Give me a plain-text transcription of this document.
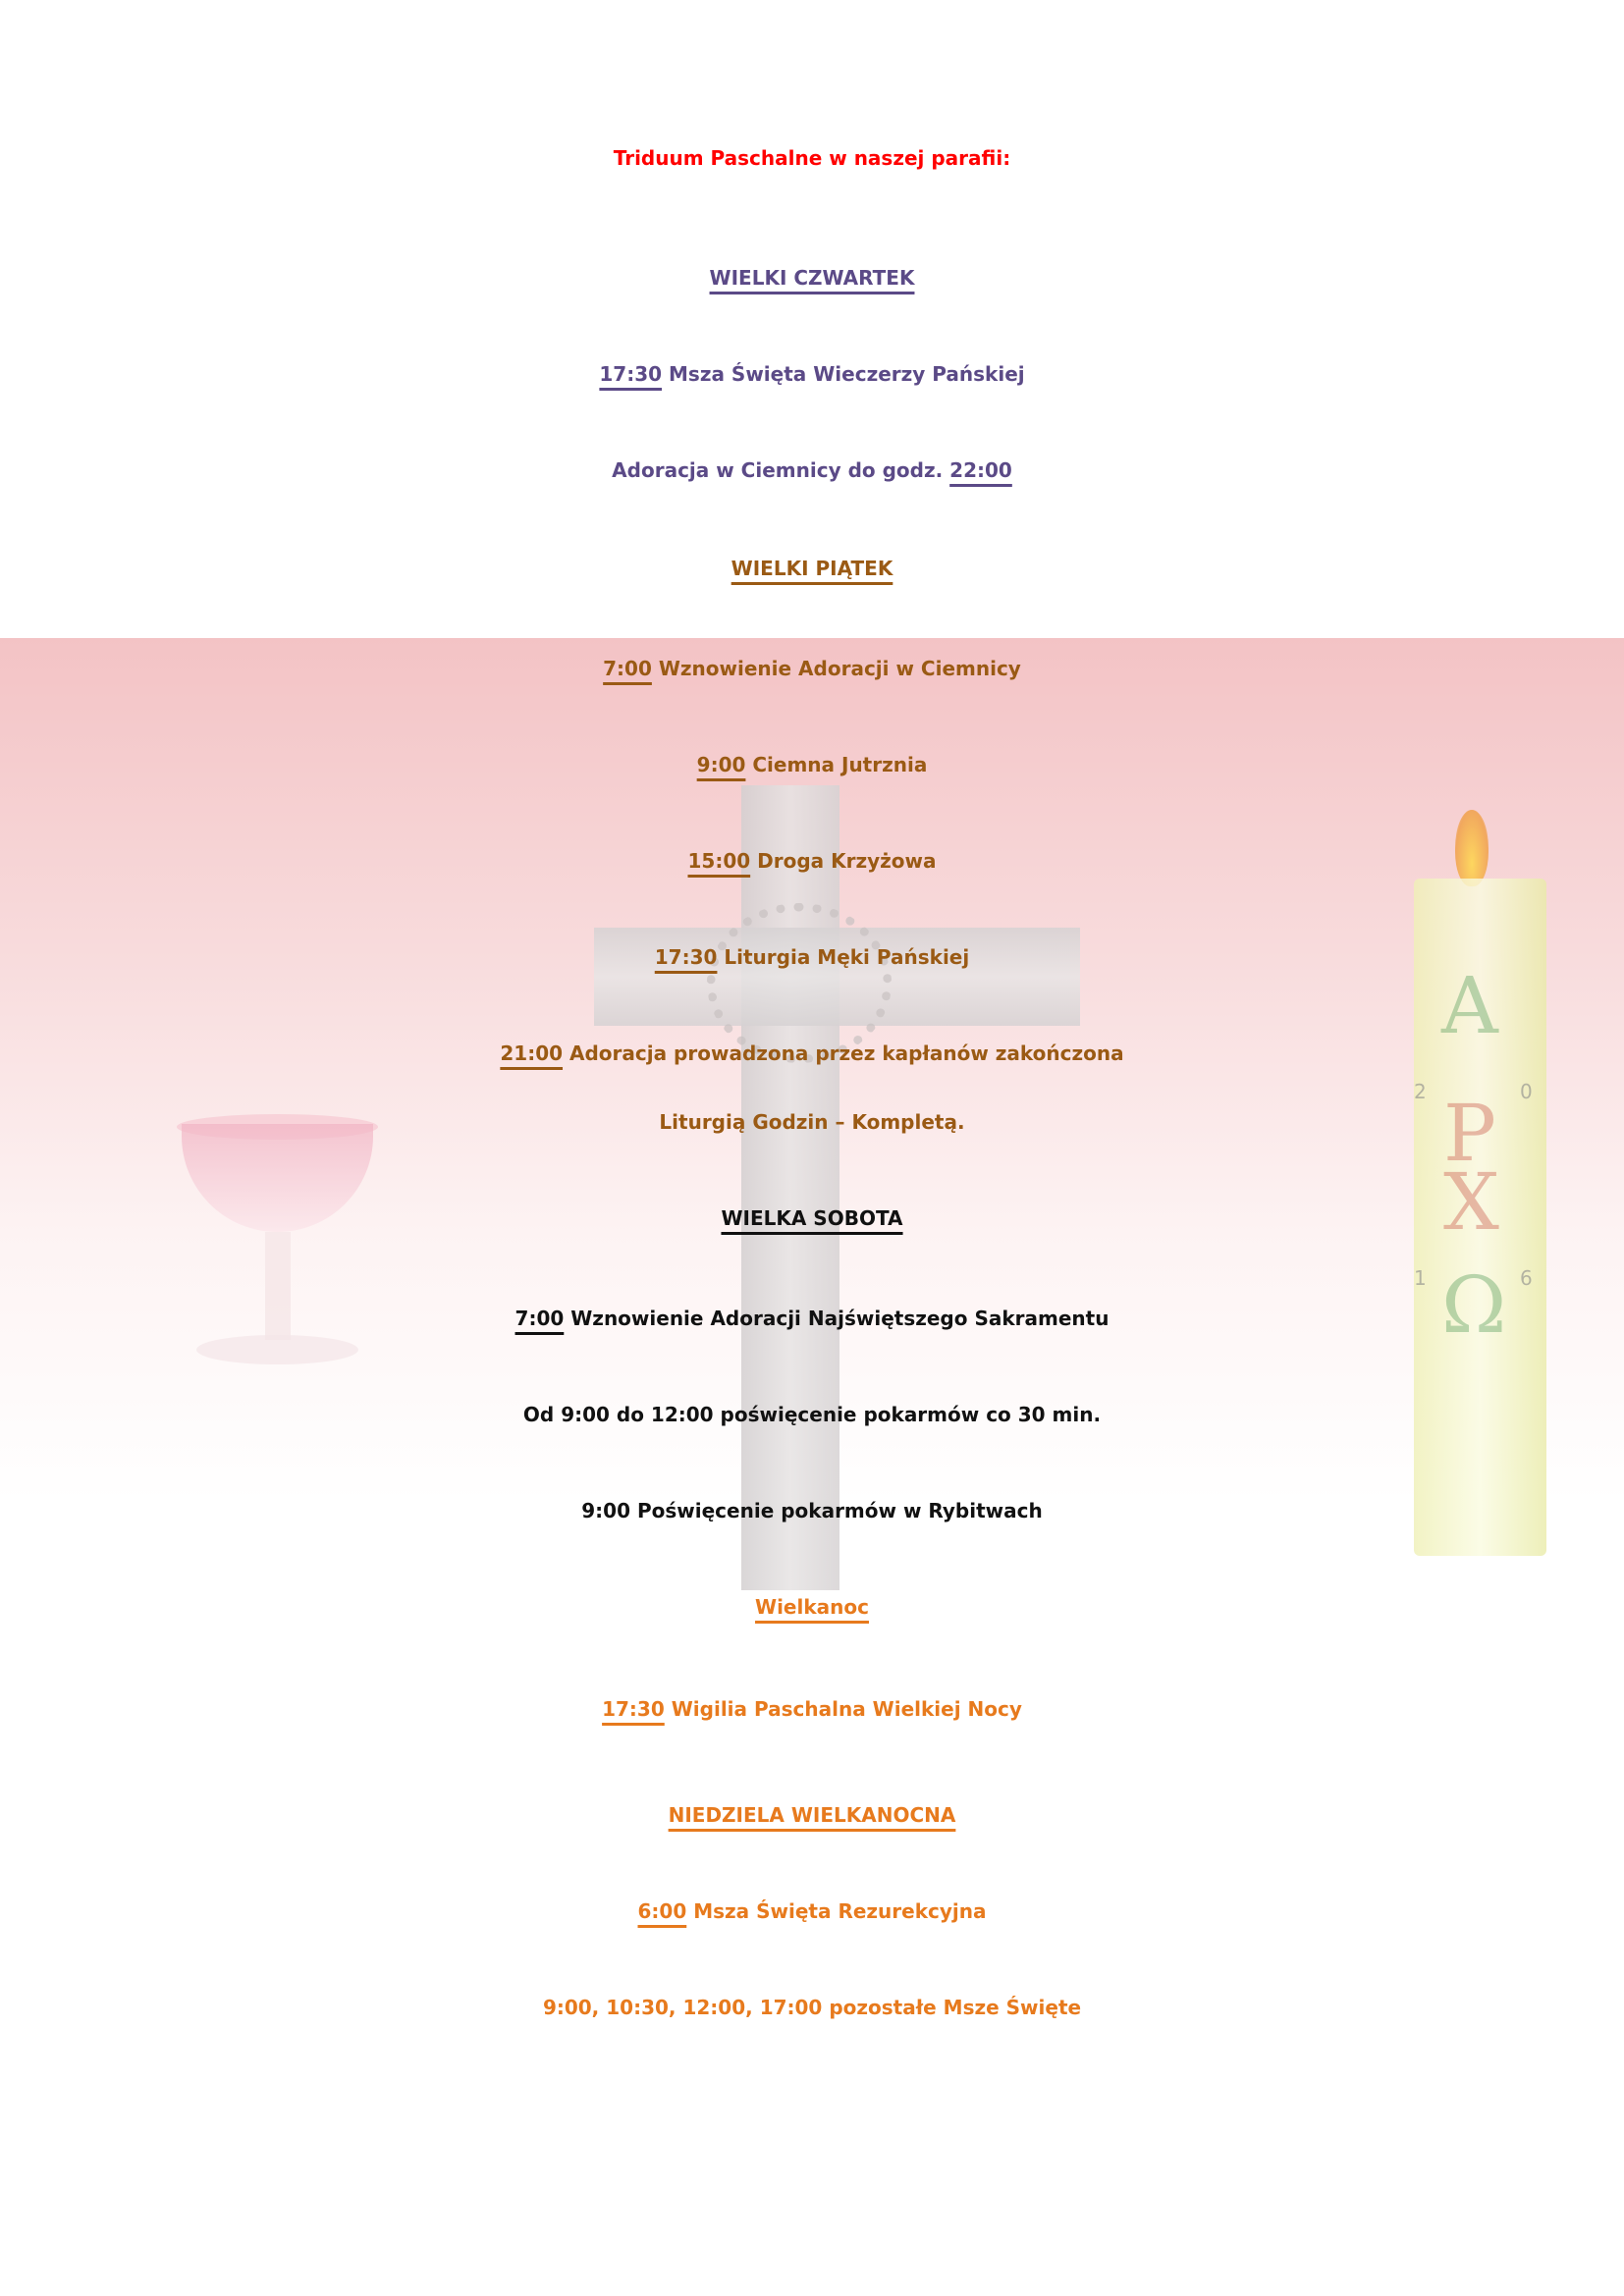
A
P
X
Ω
2	0
1	6
Triduum Paschalne w naszej parafii:
WIELKI CZWARTEK
17:30 Msza Święta Wieczerzy Pańskiej
Adoracja w Ciemnicy do godz. 22:00
WIELKI PIĄTEK
7:00 Wznowienie Adoracji w Ciemnicy
9:00 Ciemna Jutrznia
15:00 Droga Krzyżowa
17:30 Liturgia Męki Pańskiej
21:00 Adoracja prowadzona przez kapłanów zakończona
Liturgią Godzin – Kompletą.
WIELKA SOBOTA
7:00 Wznowienie Adoracji Najświętszego Sakramentu
Od 9:00 do 12:00 poświęcenie pokarmów co 30 min.
9:00 Poświęcenie pokarmów w Rybitwach
Wielkanoc
17:30 Wigilia Paschalna Wielkiej Nocy
NIEDZIELA WIELKANOCNA
6:00 Msza Święta Rezurekcyjna
9:00, 10:30, 12:00, 17:00 pozostałe Msze Święte
